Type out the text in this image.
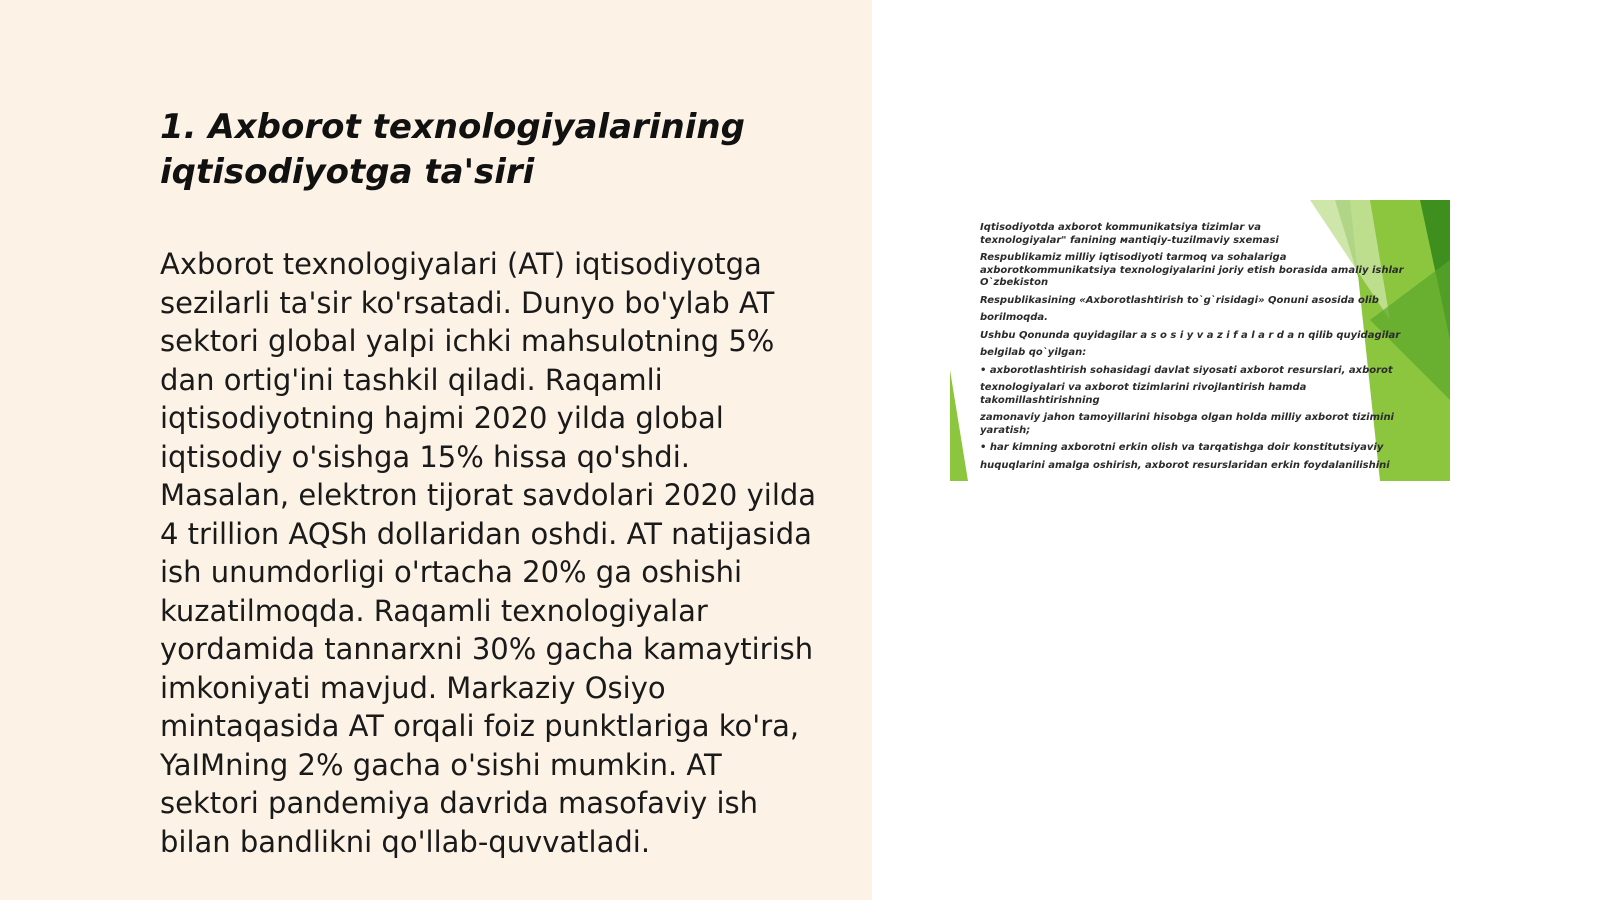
1. Axborot texnologiyalarining
iqtisodiyotga ta'siri
Axborot texnologiyalari (AT) iqtisodiyotga
sezilarli ta'sir ko'rsatadi. Dunyo bo'ylab AT
sektori global yalpi ichki mahsulotning 5%
dan ortig'ini tashkil qiladi. Raqamli
iqtisodiyotning hajmi 2020 yilda global
iqtisodiy o'sishga 15% hissa qo'shdi.
Masalan, elektron tijorat savdolari 2020 yilda
4 trillion AQSh dollaridan oshdi. AT natijasida
ish unumdorligi o'rtacha 20% ga oshishi
kuzatilmoqda. Raqamli texnologiyalar
yordamida tannarxni 30% gacha kamaytirish
imkoniyati mavjud. Markaziy Osiyo
mintaqasida AT orqali foiz punktlariga ko'ra,
YaIMning 2% gacha o'sishi mumkin. AT
sektori pandemiya davrida masofaviy ish
bilan bandlikni qo'llab-quvvatladi.
Iqtisodiyotda axborot kommunikatsiya tizimlar va
texnologiyalar" fanining мantiqiy-tuzilmaviy sxemasi
Respublikamiz milliy iqtisodiyoti tarmoq va sohalariga
axborotkommunikatsiya texnologiyalarini joriy etish borasida amaliy ishlar
O`zbekiston
Respublikasining «Axborotlashtirish to`g`risidagi» Qonuni asosida olib
borilmoqda.
Ushbu Qonunda quyidagilar a s o s i y v a z i f a l a r d a n qilib quyidagilar
belgilab qo`yilgan:
• axborotlashtirish sohasidagi davlat siyosati axborot resurslari, axborot
texnologiyalari va axborot tizimlarini rivojlantirish hamda
takomillashtirishning
zamonaviy jahon tamoyillarini hisobga olgan holda milliy axborot tizimini
yaratish;
• har kimning axborotni erkin olish va tarqatishga doir konstitutsiyaviy
huquqlarini amalga oshirish, axborot resurslaridan erkin foydalanilishini
